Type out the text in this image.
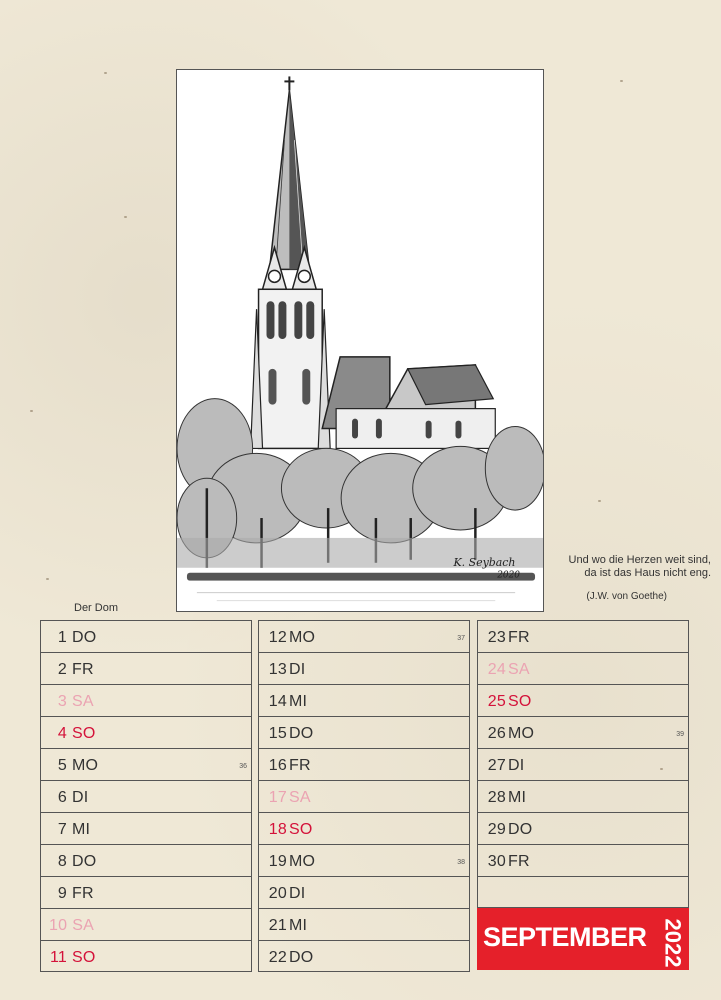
K. Seybach
2020
Der Dom
Und wo die Herzen weit sind,
da ist das Haus nicht eng.
(J.W. von Goethe)
1 DO
2 FR
3 SA
4 SO
5 MO	36
6 DI
7 MI
8 DO
9 FR
10 SA
11 SO
12 MO	37
13 DI
14 MI
15 DO
16 FR
17 SA
18 SO
19 MO	38
20 DI
21 MI
22 DO
23 FR
24 SA
25 SO
26 MO	39
27 DI
28 MI
29 DO
30 FR
SEPTEMBER 2022
